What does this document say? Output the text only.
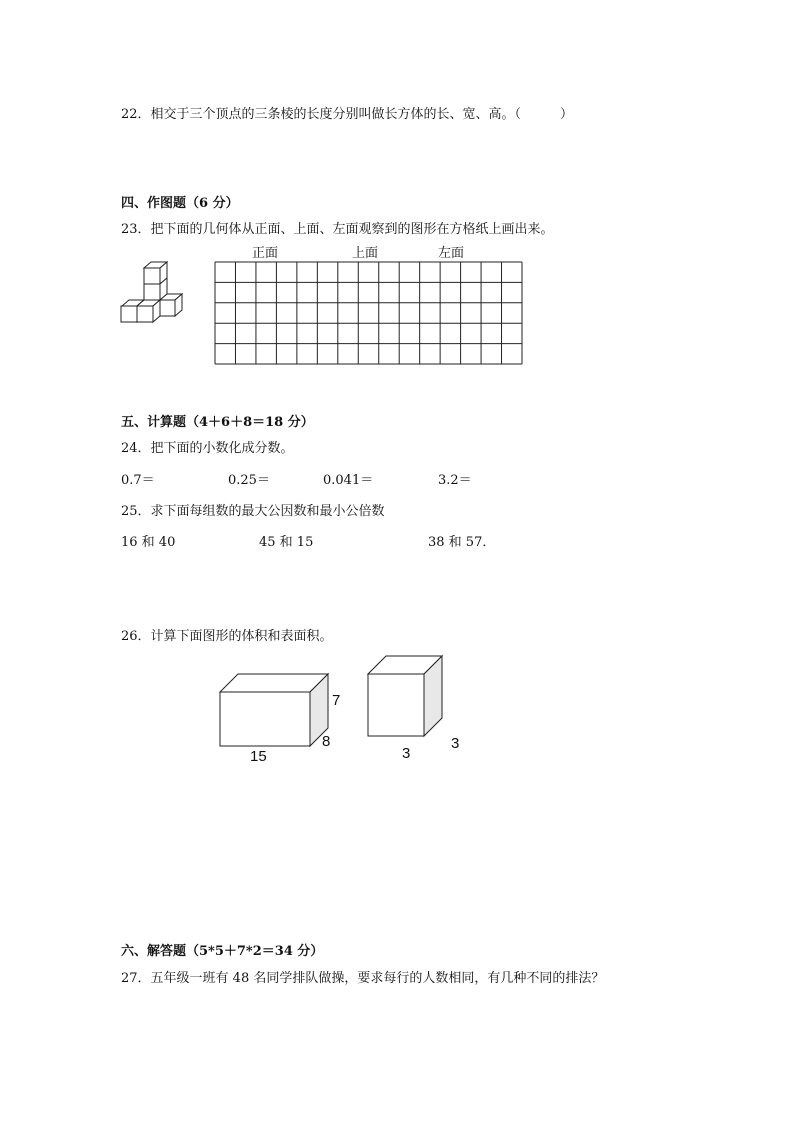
22．相交于三个顶点的三条棱的长度分别叫做长方体的长、宽、高。（　　　）
四、作图题（6 分）
23．把下面的几何体从正面、上面、左面观察到的图形在方格纸上画出来。
正面	上面	左面
五、计算题（4＋6＋8＝18 分）
24．把下面的小数化成分数。
0.7＝	0.25＝	0.041＝	3.2＝
25．求下面每组数的最大公因数和最小公倍数
16 和 40	45 和 15	38 和 57．
26．计算下面图形的体积和表面积。
7
8
15	3
3
六、解答题（5*5＋7*2＝34 分）
27．五年级一班有 48 名同学排队做操，要求每行的人数相同，有几种不同的排法？
